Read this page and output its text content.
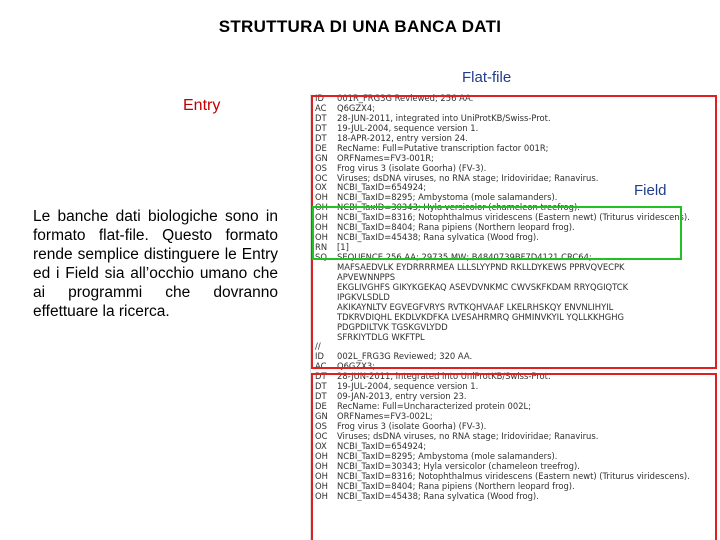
STRUTTURA DI UNA BANCA DATI
Flat-file
Entry
Le banche dati biologiche sono in formato flat-file. Questo formato rende semplice distinguere le Entry ed i Field sia all’occhio umano che ai programmi che dovranno effettuare la ricerca.
ID 001R_FRG3G Reviewed; 256 AA.
AC Q6GZX4;
DT 28-JUN-2011, integrated into UniProtKB/Swiss-Prot.
DT 19-JUL-2004, sequence version 1.
DT 18-APR-2012, entry version 24.
DE RecName: Full=Putative transcription factor 001R;
GN ORFNames=FV3-001R;
OS Frog virus 3 (isolate Goorha) (FV-3).
OC Viruses; dsDNA viruses, no RNA stage; Iridoviridae; Ranavirus.
OX NCBI_TaxID=654924;
OH NCBI_TaxID=8295; Ambystoma (mole salamanders).
OH NCBI_TaxID=30343; Hyla versicolor (chameleon treefrog).
OH NCBI_TaxID=8316; Notophthalmus viridescens (Eastern newt) (Triturus viridescens).
OH NCBI_TaxID=8404; Rana pipiens (Northern leopard frog).
OH NCBI_TaxID=45438; Rana sylvatica (Wood frog).
RN [1]
SQ SEQUENCE 256 AA; 29735 MW; B4840739BF7D4121 CRC64;
MAFSAEDVLK EYDRRRRMEA LLLSLYYPND RKLLDYKEWS PPRVQVECPK
APVEWNNPPS
EKGLIVGHFS GIKYKGEKAQ ASEVDVNKMC CWVSKFKDAM RRYQGIQTCK
IPGKVLSDLD
AKIKAYNLTV EGVEGFVRYS RVTKQHVAAF LKELRHSKQY ENVNLIHYIL
TDKRVDIQHL EKDLVKDFKA LVESAHRMRQ GHMINVKYIL YQLLKKHGHG
PDGPDILTVK TGSKGVLYDD
SFRKIYTDLG WKFTPL
//
ID 002L_FRG3G Reviewed; 320 AA.
AC Q6GZX3;
DT 28-JUN-2011, integrated into UniProtKB/Swiss-Prot.
DT 19-JUL-2004, sequence version 1.
DT 09-JAN-2013, entry version 23.
DE RecName: Full=Uncharacterized protein 002L;
GN ORFNames=FV3-002L;
OS Frog virus 3 (isolate Goorha) (FV-3).
OC Viruses; dsDNA viruses, no RNA stage; Iridoviridae; Ranavirus.
OX NCBI_TaxID=654924;
OH NCBI_TaxID=8295; Ambystoma (mole salamanders).
OH NCBI_TaxID=30343; Hyla versicolor (chameleon treefrog).
OH NCBI_TaxID=8316; Notophthalmus viridescens (Eastern newt) (Triturus viridescens).
OH NCBI_TaxID=8404; Rana pipiens (Northern leopard frog).
OH NCBI_TaxID=45438; Rana sylvatica (Wood frog).
Field
